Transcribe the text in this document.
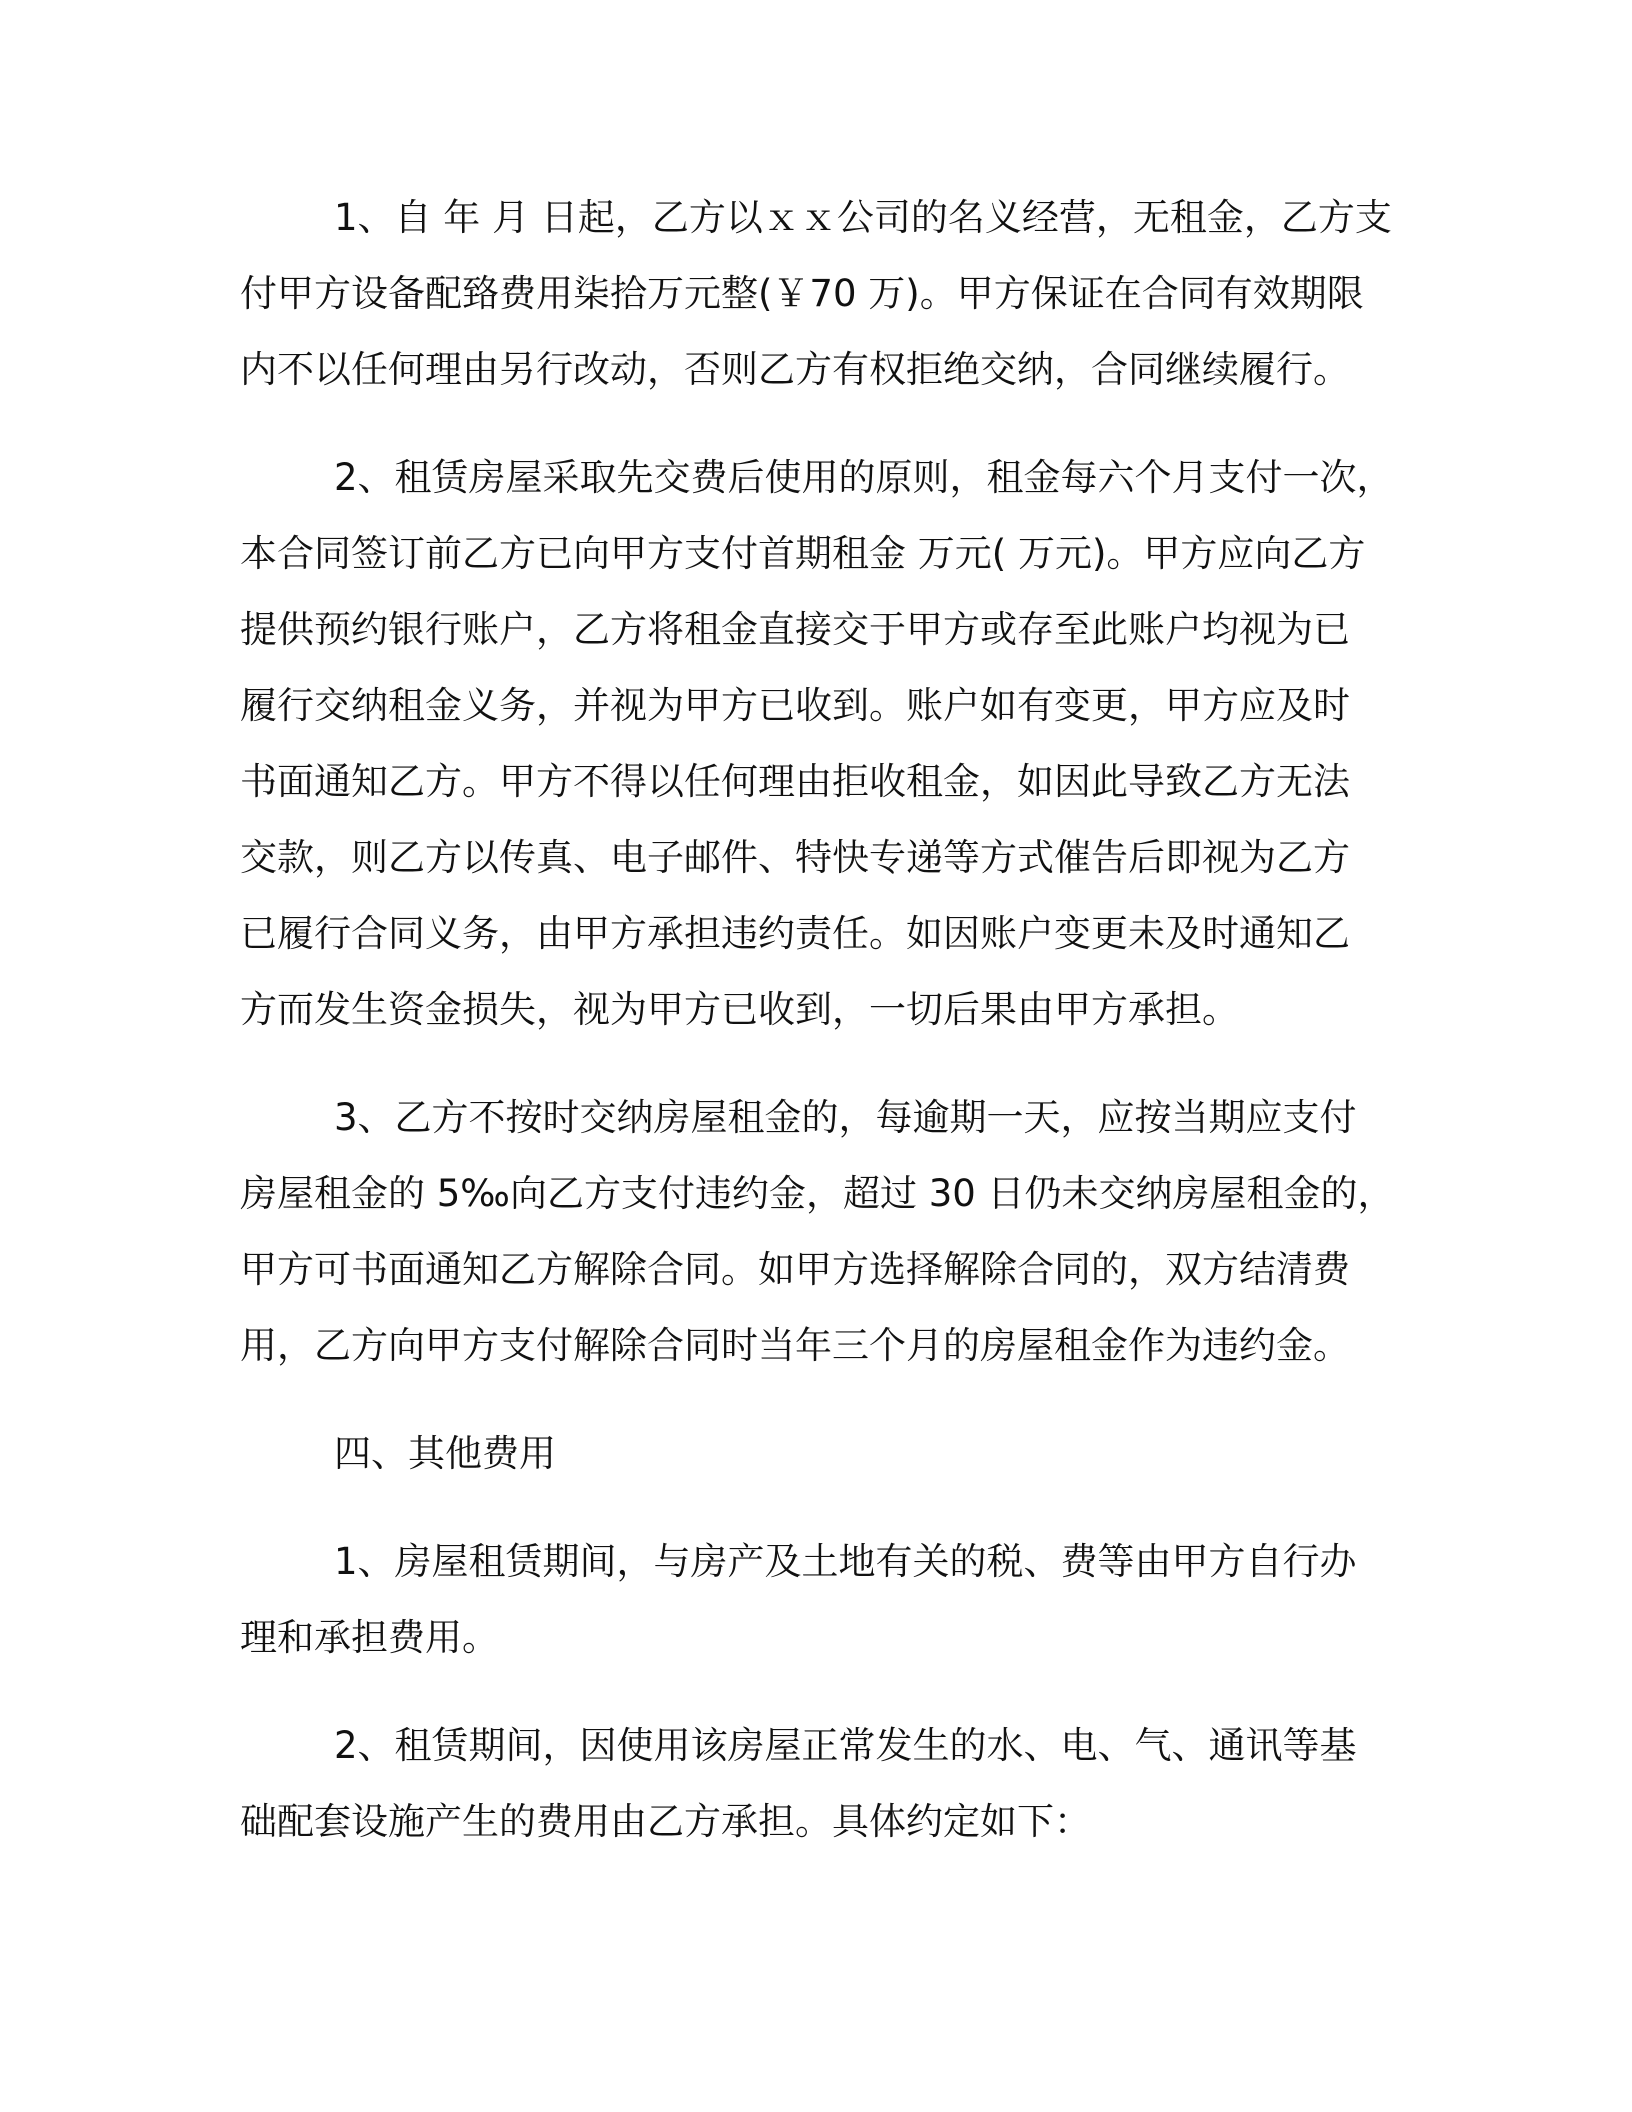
1、自 年 月 日起，乙方以ｘｘ公司的名义经营，无租金，乙方支
付甲方设备配臵费用柒拾万元整(￥70 万)。甲方保证在合同有效期限
内不以任何理由另行改动，否则乙方有权拒绝交纳，合同继续履行。
2、租赁房屋采取先交费后使用的原则，租金每六个月支付一次，
本合同签订前乙方已向甲方支付首期租金 万元( 万元)。甲方应向乙方
提供预约银行账户，乙方将租金直接交于甲方或存至此账户均视为已
履行交纳租金义务，并视为甲方已收到。账户如有变更，甲方应及时
书面通知乙方。甲方不得以任何理由拒收租金，如因此导致乙方无法
交款，则乙方以传真、电子邮件、特快专递等方式催告后即视为乙方
已履行合同义务，由甲方承担违约责任。如因账户变更未及时通知乙
方而发生资金损失，视为甲方已收到，一切后果由甲方承担。
3、乙方不按时交纳房屋租金的，每逾期一天，应按当期应支付
房屋租金的 5‰向乙方支付违约金，超过 30 日仍未交纳房屋租金的，
甲方可书面通知乙方解除合同。如甲方选择解除合同的，双方结清费
用，乙方向甲方支付解除合同时当年三个月的房屋租金作为违约金。

四、其他费用

1、房屋租赁期间，与房产及土地有关的税、费等由甲方自行办
理和承担费用。
2、租赁期间，因使用该房屋正常发生的水、电、气、通讯等基
础配套设施产生的费用由乙方承担。具体约定如下：
